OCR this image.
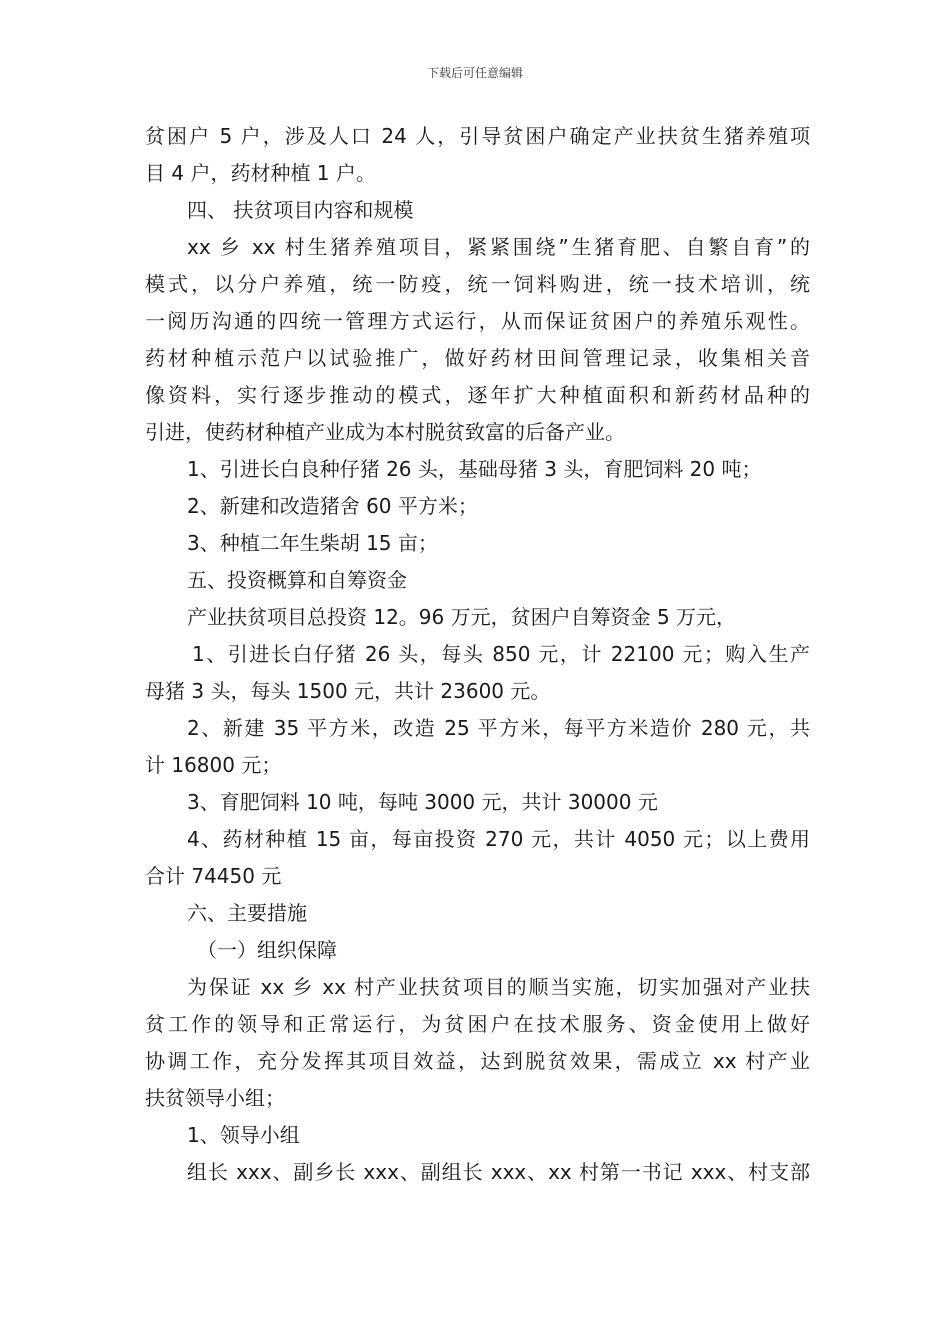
下载后可任意编辑

贫困户 5 户，涉及人口 24 人，引导贫困户确定产业扶贫生猪养殖项

目 4 户，药材种植 1 户。

四、 扶贫项目内容和规模

xx 乡 xx 村生猪养殖项目，紧紧围绕”生猪育肥、自繁自育”的

模式，以分户养殖，统一防疫，统一饲料购进，统一技术培训，统

一阅历沟通的四统一管理方式运行，从而保证贫困户的养殖乐观性。

药材种植示范户以试验推广，做好药材田间管理记录，收集相关音

像资料，实行逐步推动的模式，逐年扩大种植面积和新药材品种的

引进，使药材种植产业成为本村脱贫致富的后备产业。

1、引进长白良种仔猪 26 头，基础母猪 3 头，育肥饲料 20 吨；

2、新建和改造猪舍 60 平方米；

3、种植二年生柴胡 15 亩；

五、投资概算和自筹资金

产业扶贫项目总投资 12。96 万元，贫困户自筹资金 5 万元，

1、引进长白仔猪 26 头，每头 850 元，计 22100 元；购入生产

母猪 3 头，每头 1500 元，共计 23600 元。

2、新建 35 平方米，改造 25 平方米，每平方米造价 280 元，共

计 16800 元；

3、育肥饲料 10 吨，每吨 3000 元，共计 30000 元

4、药材种植 15 亩，每亩投资 270 元，共计 4050 元；以上费用

合计 74450 元

六、主要措施

（一）组织保障

为保证 xx 乡 xx 村产业扶贫项目的顺当实施，切实加强对产业扶

贫工作的领导和正常运行，为贫困户在技术服务、资金使用上做好

协调工作，充分发挥其项目效益，达到脱贫效果，需成立 xx 村产业

扶贫领导小组；

1、领导小组

组长 xxx、副乡长 xxx、副组长 xxx、xx 村第一书记 xxx、村支部
